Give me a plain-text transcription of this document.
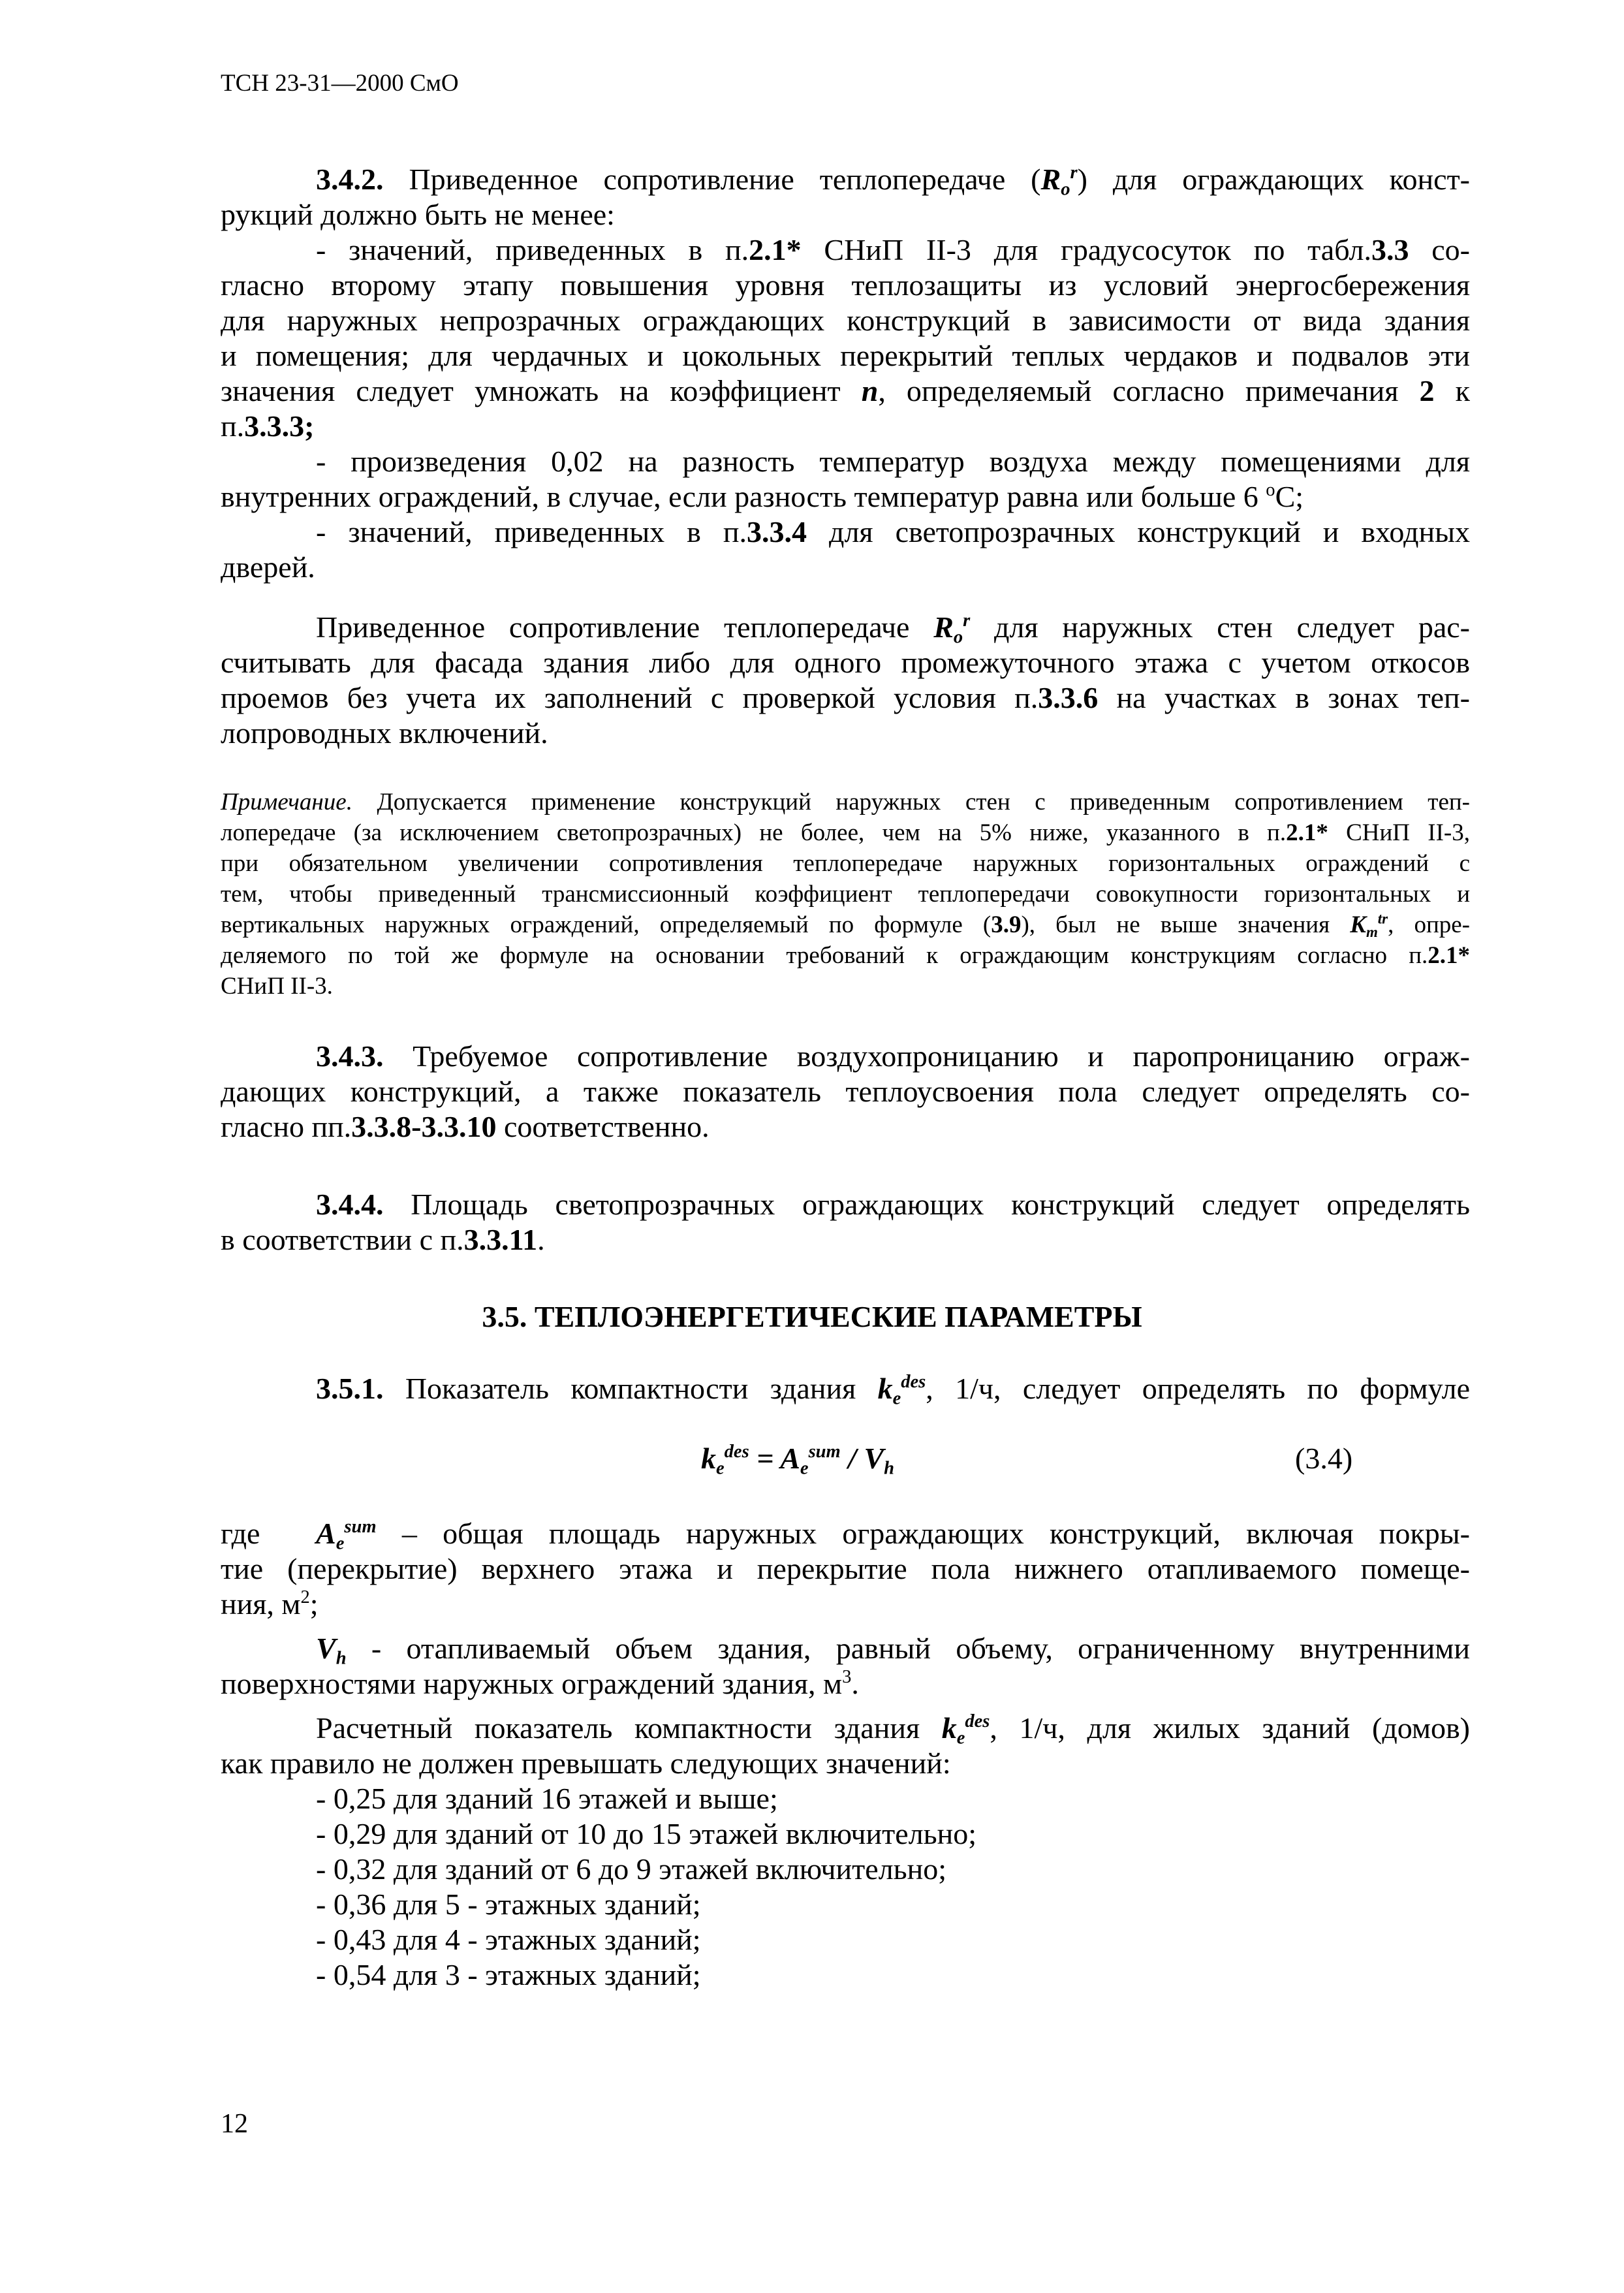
ТСН 23-31—2000 СмО
3.4.2. Приведенное сопротивление теплопередаче $(R_o^r)$ для ограждающих конст-
рукций должно быть не менее:
- значений, приведенных в п.2.1* СНиП II-3 для градусосуток по табл.3.3 со-
гласно второму этапу повышения уровня теплозащиты из условий энергосбережения
для наружных непрозрачных ограждающих конструкций в зависимости от вида здания
и помещения; для чердачных и цокольных перекрытий теплых чердаков и подвалов эти
значения следует умножать на коэффициент n, определяемый согласно примечания 2 к
п.3.3.3;
- произведения 0,02 на разность температур воздуха между помещениями для
внутренних ограждений, в случае, если разность температур равна или больше 6 $^o$С;
- значений, приведенных в п.3.3.4 для светопрозрачных конструкций и входных
дверей.
Приведенное сопротивление теплопередаче $R_o^r$ для наружных стен следует рас-
считывать для фасада здания либо для одного промежуточного этажа с учетом откосов
проемов без учета их заполнений с проверкой условия п.3.3.6 на участках в зонах теп-
лопроводных включений.
Примечание. Допускается применение конструкций наружных стен с приведенным сопротивлением теп-
лопередаче (за исключением светопрозрачных) не более, чем на 5% ниже, указанного в п.2.1* СНиП II-3,
при обязательном увеличении сопротивления теплопередаче наружных горизонтальных ограждений с
тем, чтобы приведенный трансмиссионный коэффициент теплопередачи совокупности горизонтальных и
вертикальных наружных ограждений, определяемый по формуле (3.9), был не выше значения $K_m^{tr}$, опре-
деляемого по той же формуле на основании требований к ограждающим конструкциям согласно п.2.1*
СНиП II-3.
3.4.3. Требуемое сопротивление воздухопроницанию и паропроницанию ограж-
дающих конструкций, а также показатель теплоусвоения пола следует определять со-
гласно пп.3.3.8-3.3.10 соответственно.
3.4.4. Площадь светопрозрачных ограждающих конструкций следует определять
в соответствии с п.3.3.11.
3.5. ТЕПЛОЭНЕРГЕТИЧЕСКИЕ ПАРАМЕТРЫ
3.5.1. Показатель компактности здания $k_e^{des}$, 1/ч, следует определять по формуле
$k_e^{des} = A_e^{sum} / V_h$	(3.4)
где $A_e^{sum}$ – общая площадь наружных ограждающих конструкций, включая покры-
тие (перекрытие) верхнего этажа и перекрытие пола нижнего отапливаемого помеще-
ния, $м^2$;
$V_h$ - отапливаемый объем здания, равный объему, ограниченному внутренними
поверхностями наружных ограждений здания, $м^3$.
Расчетный показатель компактности здания $k_e^{des}$, 1/ч, для жилых зданий (домов)
как правило не должен превышать следующих значений:
- 0,25 для зданий 16 этажей и выше;
- 0,29 для зданий от 10 до 15 этажей включительно;
- 0,32 для зданий от 6 до 9 этажей включительно;
- 0,36 для 5 - этажных зданий;
- 0,43 для 4 - этажных зданий;
- 0,54 для 3 - этажных зданий;
12
